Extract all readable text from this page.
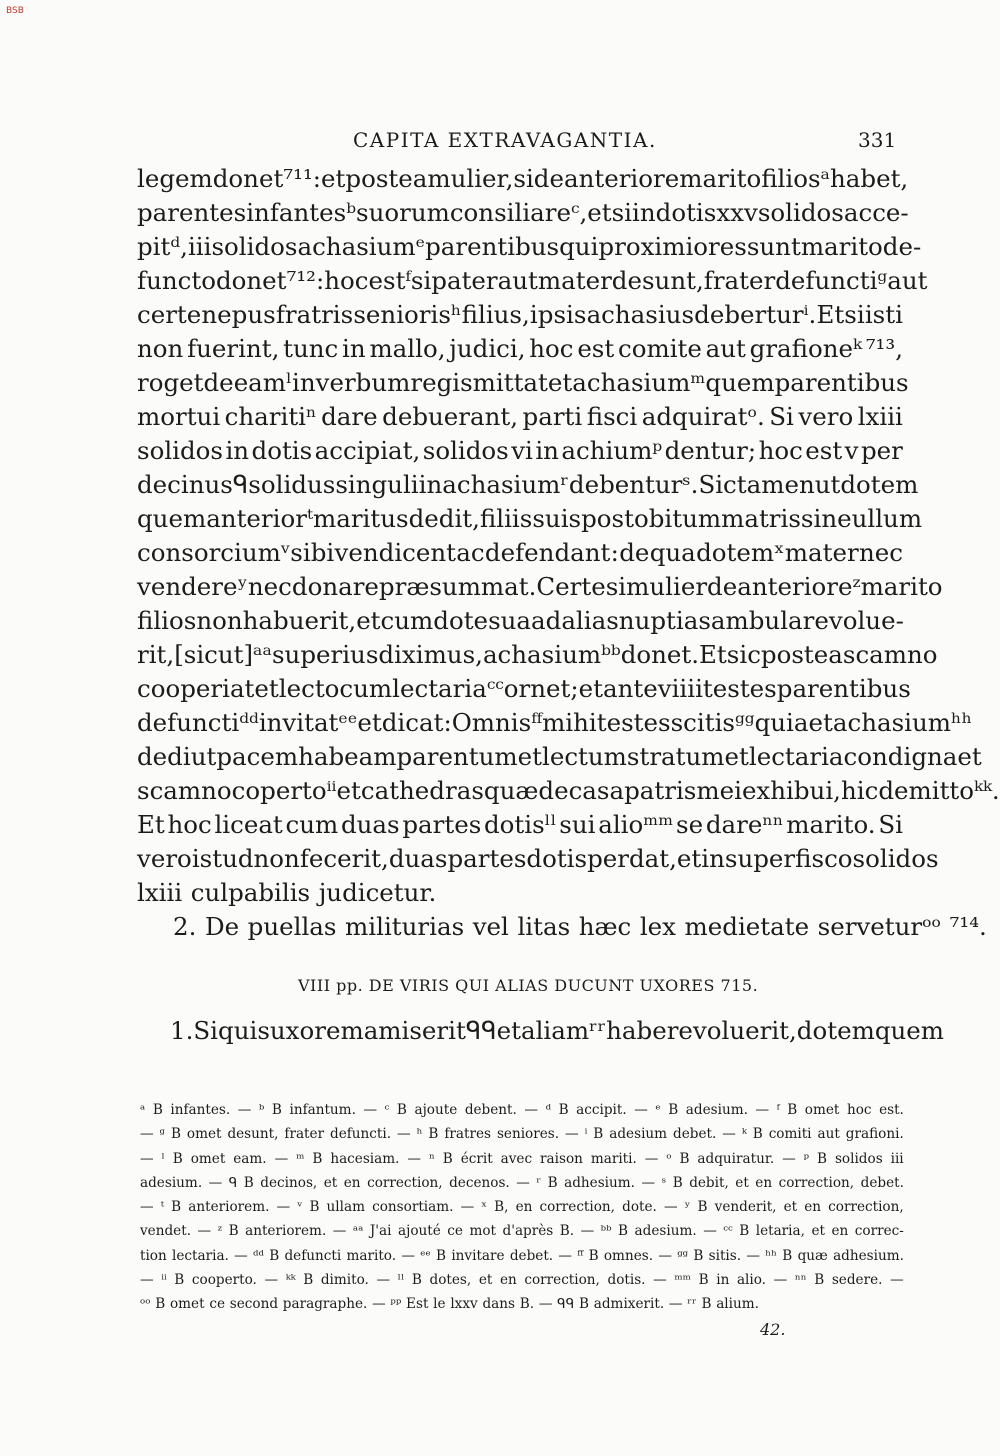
BSB
CAPITA EXTRAVAGANTIA.	331
legem donet⁷¹¹ : et postea mulier, si de anteriore marito filiosᵃ habet,
parentes infantesᵇ suorum consiliareᶜ, et si in dotis xxv solidos acce-
pitᵈ, iii solidos achasiumᵉ parentibus qui proximiores sunt marito de-
functo donet⁷¹² : hoc estᶠ si pater aut mater desunt, frater defunctiᵍ aut
certe nepus fratris seniorisʰ filius, ipsis achasius deberturⁱ. Et si isti
non fuerint, tunc in mallo, judici, hoc est comite aut grafioneᵏ ⁷¹³,
roget de eamˡ in verbum regis mittat et achasiumᵐ quem parentibus
mortui charitiⁿ dare debuerant, parti fisci adquiratᵒ. Si vero lxiii
solidos in dotis accipiat, solidos vi in achiumᵖ dentur; hoc est v per
decinusᑫ solidus singuli in achasiumʳ debenturˢ. Sic tamen ut dotem
quem anteriorᵗ maritus dedit, filiis suis post obitum matris sine ullum
consorciumᵛ sibi vendicent ac defendant : de qua dotemˣ mater nec
vendereʸ nec donare præsummat. Certe si mulier de anterioreᶻ marito
filios non habuerit, et cum dote sua ad alias nuptias ambulare volue-
rit, [sicut]ᵃᵃ superius diximus, achasiumᵇᵇ donet. Et sic postea scamno
cooperiat et lecto cum lectariaᶜᶜ ornet; et ante viiii testes parentibus
defunctiᵈᵈ invitatᵉᵉ et dicat : Omnisᶠᶠ mihi testes scitisᵍᵍ quia et achasiumʰʰ
dedi ut pacem habeam parentum et lectum stratum et lectaria condigna et
scamno copertoⁱⁱ et cathedras quæ de casa patris mei exhibui, hic demittoᵏᵏ.
Et hoc liceat cum duas partes dotisˡˡ sui alioᵐᵐ se dareⁿⁿ marito. Si
vero istud non fecerit, duas partes dotis perdat, et insuper fisco solidos
lxiii culpabilis judicetur.
2. De puellas militurias vel litas hæc lex medietate serveturᵒᵒ ⁷¹⁴.
VIII pp. DE VIRIS QUI ALIAS DUCUNT UXORES 715.
1. Si quis uxorem amiseritᑫᑫ et aliamʳʳ habere voluerit, dotem quem
ᵃ B infantes. — ᵇ B infantum. — ᶜ B ajoute debent. — ᵈ B accipit. — ᵉ B adesium. — ᶠ B omet hoc est.
— ᵍ B omet desunt, frater defuncti. — ʰ B fratres seniores. — ⁱ B adesium debet. — ᵏ B comiti aut grafioni.
— ˡ B omet eam. — ᵐ B hacesiam. — ⁿ B écrit avec raison mariti. — ᵒ B adquiratur. — ᵖ B solidos iii
adesium. — ᑫ B decinos, et en correction, decenos. — ʳ B adhesium. — ˢ B debit, et en correction, debet.
— ᵗ B anteriorem. — ᵛ B ullam consortiam. — ˣ B, en correction, dote. — ʸ B venderit, et en correction,
vendet. — ᶻ B anteriorem. — ᵃᵃ J'ai ajouté ce mot d'après B. — ᵇᵇ B adesium. — ᶜᶜ B letaria, et en correc-
tion lectaria. — ᵈᵈ B defuncti marito. — ᵉᵉ B invitare debet. — ᶠᶠ B omnes. — ᵍᵍ B sitis. — ʰʰ B quæ adhesium.
— ⁱⁱ B cooperto. — ᵏᵏ B dimito. — ˡˡ B dotes, et en correction, dotis. — ᵐᵐ B in alio. — ⁿⁿ B sedere. —
ᵒᵒ B omet ce second paragraphe. — ᵖᵖ Est le lxxv dans B. — ᑫᑫ B admixerit. — ʳʳ B alium.
42.
